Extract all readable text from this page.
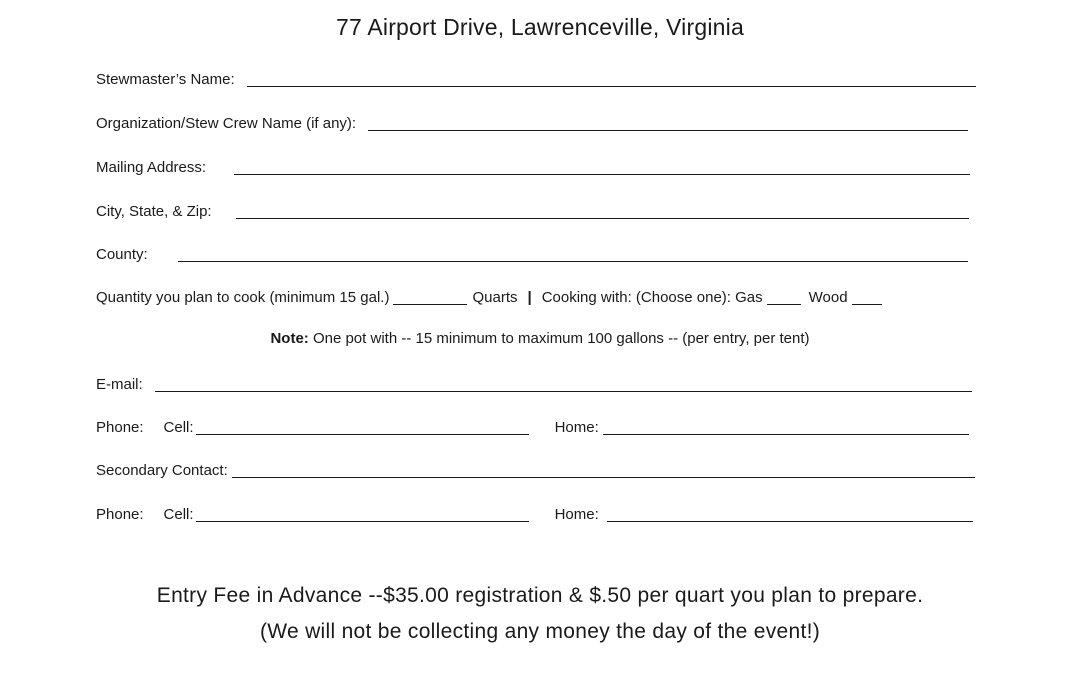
77 Airport Drive, Lawrenceville, Virginia
Stewmaster’s Name:
Organization/Stew Crew Name (if any):
Mailing Address:
City, State, & Zip:
County:
Quantity you plan to cook (minimum 15 gal.)	Quarts | Cooking with: (Choose one): Gas	Wood
Note: One pot with -- 15 minimum to maximum 100 gallons -- (per entry, per tent)
E-mail:
Phone: Cell:	Home:
Secondary Contact:
Phone: Cell:	Home:
Entry Fee in Advance --$35.00 registration & $.50 per quart you plan to prepare.
(We will not be collecting any money the day of the event!)
